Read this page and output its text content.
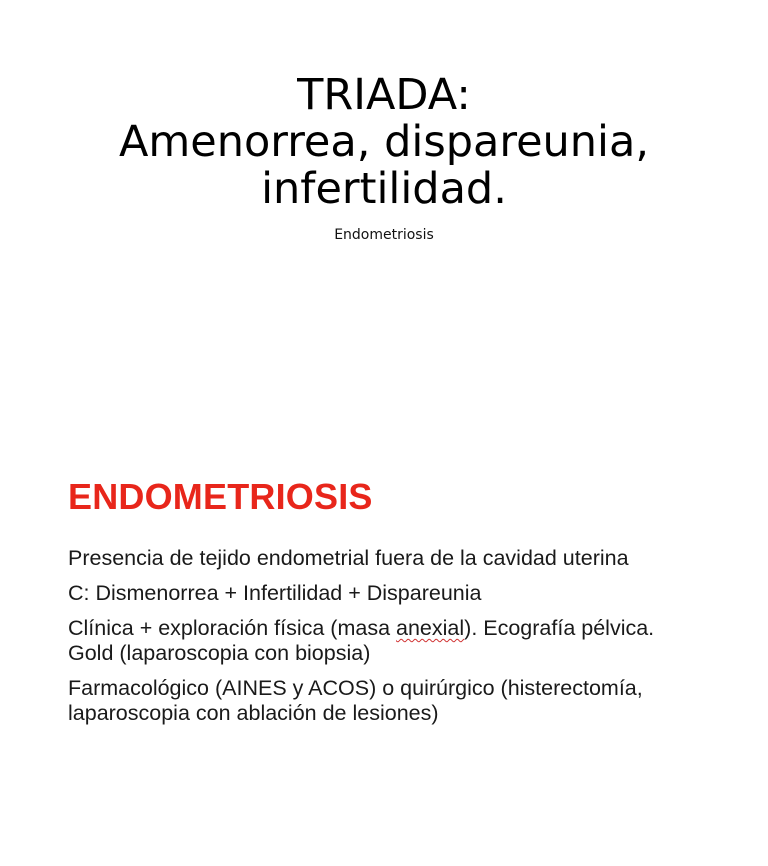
TRIADA:
Amenorrea, dispareunia,
infertilidad.
Endometriosis
ENDOMETRIOSIS

Presencia de tejido endometrial fuera de la cavidad uterina

C: Dismenorrea + Infertilidad + Dispareunia

Clínica + exploración física (masa anexial). Ecografía pélvica.
Gold (laparoscopia con biopsia)

Farmacológico (AINES y ACOS) o quirúrgico (histerectomía,
laparoscopia con ablación de lesiones)
